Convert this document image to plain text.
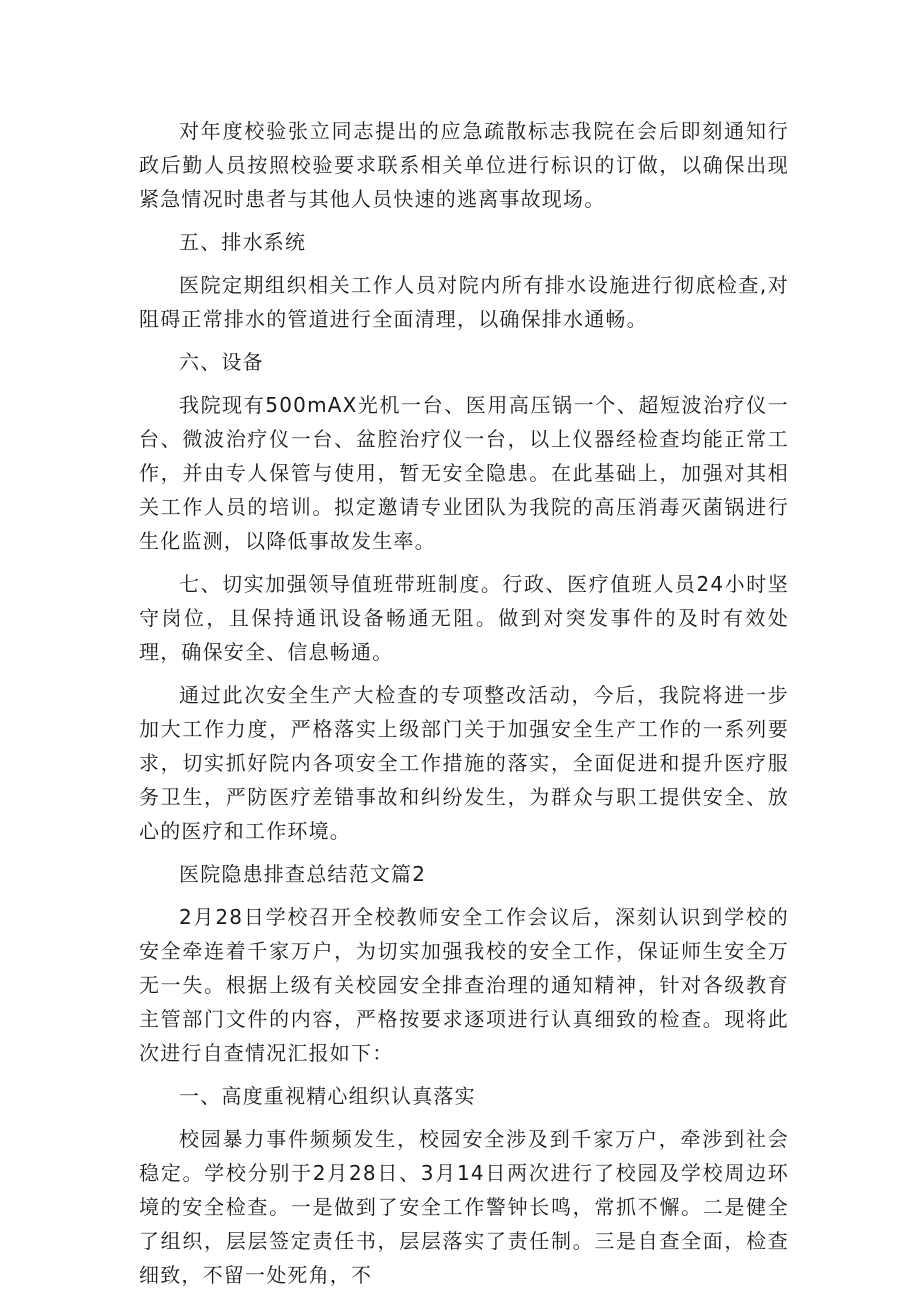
对年度校验张立同志提出的应急疏散标志我院在会后即刻通知行政后勤人员按照校验要求联系相关单位进行标识的订做，以确保出现紧急情况时患者与其他人员快速的逃离事故现场。

五、排水系统

医院定期组织相关工作人员对院内所有排水设施进行彻底检查,对阻碍正常排水的管道进行全面清理，以确保排水通畅。

六、设备

我院现有500mAX光机一台、医用高压锅一个、超短波治疗仪一台、微波治疗仪一台、盆腔治疗仪一台，以上仪器经检查均能正常工作，并由专人保管与使用，暂无安全隐患。在此基础上，加强对其相关工作人员的培训。拟定邀请专业团队为我院的高压消毒灭菌锅进行生化监测，以降低事故发生率。

七、切实加强领导值班带班制度。行政、医疗值班人员24小时坚守岗位，且保持通讯设备畅通无阻。做到对突发事件的及时有效处理，确保安全、信息畅通。

通过此次安全生产大检查的专项整改活动，今后，我院将进一步加大工作力度，严格落实上级部门关于加强安全生产工作的一系列要求，切实抓好院内各项安全工作措施的落实，全面促进和提升医疗服务卫生，严防医疗差错事故和纠纷发生，为群众与职工提供安全、放心的医疗和工作环境。

医院隐患排查总结范文篇2

2月28日学校召开全校教师安全工作会议后，深刻认识到学校的安全牵连着千家万户，为切实加强我校的安全工作，保证师生安全万无一失。根据上级有关校园安全排查治理的通知精神，针对各级教育主管部门文件的内容，严格按要求逐项进行认真细致的检查。现将此次进行自查情况汇报如下：

一、高度重视精心组织认真落实

校园暴力事件频频发生，校园安全涉及到千家万户，牵涉到社会稳定。学校分别于2月28日、3月14日两次进行了校园及学校周边环境的安全检查。一是做到了安全工作警钟长鸣，常抓不懈。二是健全了组织，层层签定责任书，层层落实了责任制。三是自查全面，检查细致，不留一处死角，不
